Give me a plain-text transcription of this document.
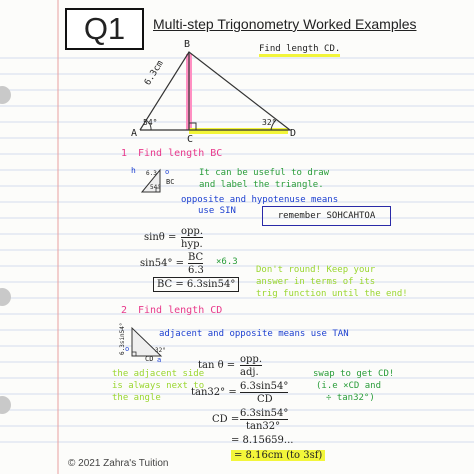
Q1	Multi-step Trigonometry Worked Examples
B
A
C
D
6.3cm
54°	32°
Find length CD.
1 Find length BC
h 6.3
54°
BC
o	It can be useful to draw
and label the triangle.
opposite and hypotenuse means
use SIN	remember SOHCAHTOA
sinθ =
opp.
hyp.
sin54° =
BC
6.3
×6.3
BC = 6.3sin54°
Don't round! Keep your
answer in terms of its
trig function until the end!
2 Find length CD
6.3sin54° o	32°
CD a
adjacent and opposite means use TAN
tan θ =
opp.
adj.
the adjacent side
is always next to
the angle	tan32° =
6.3sin54°
CD
swap to get CD!
(i.e ×CD and
÷ tan32°)
CD =
6.3sin54°
tan32°
= 8.15659...
= 8.16cm (to 3sf)
© 2021 Zahra's Tuition
